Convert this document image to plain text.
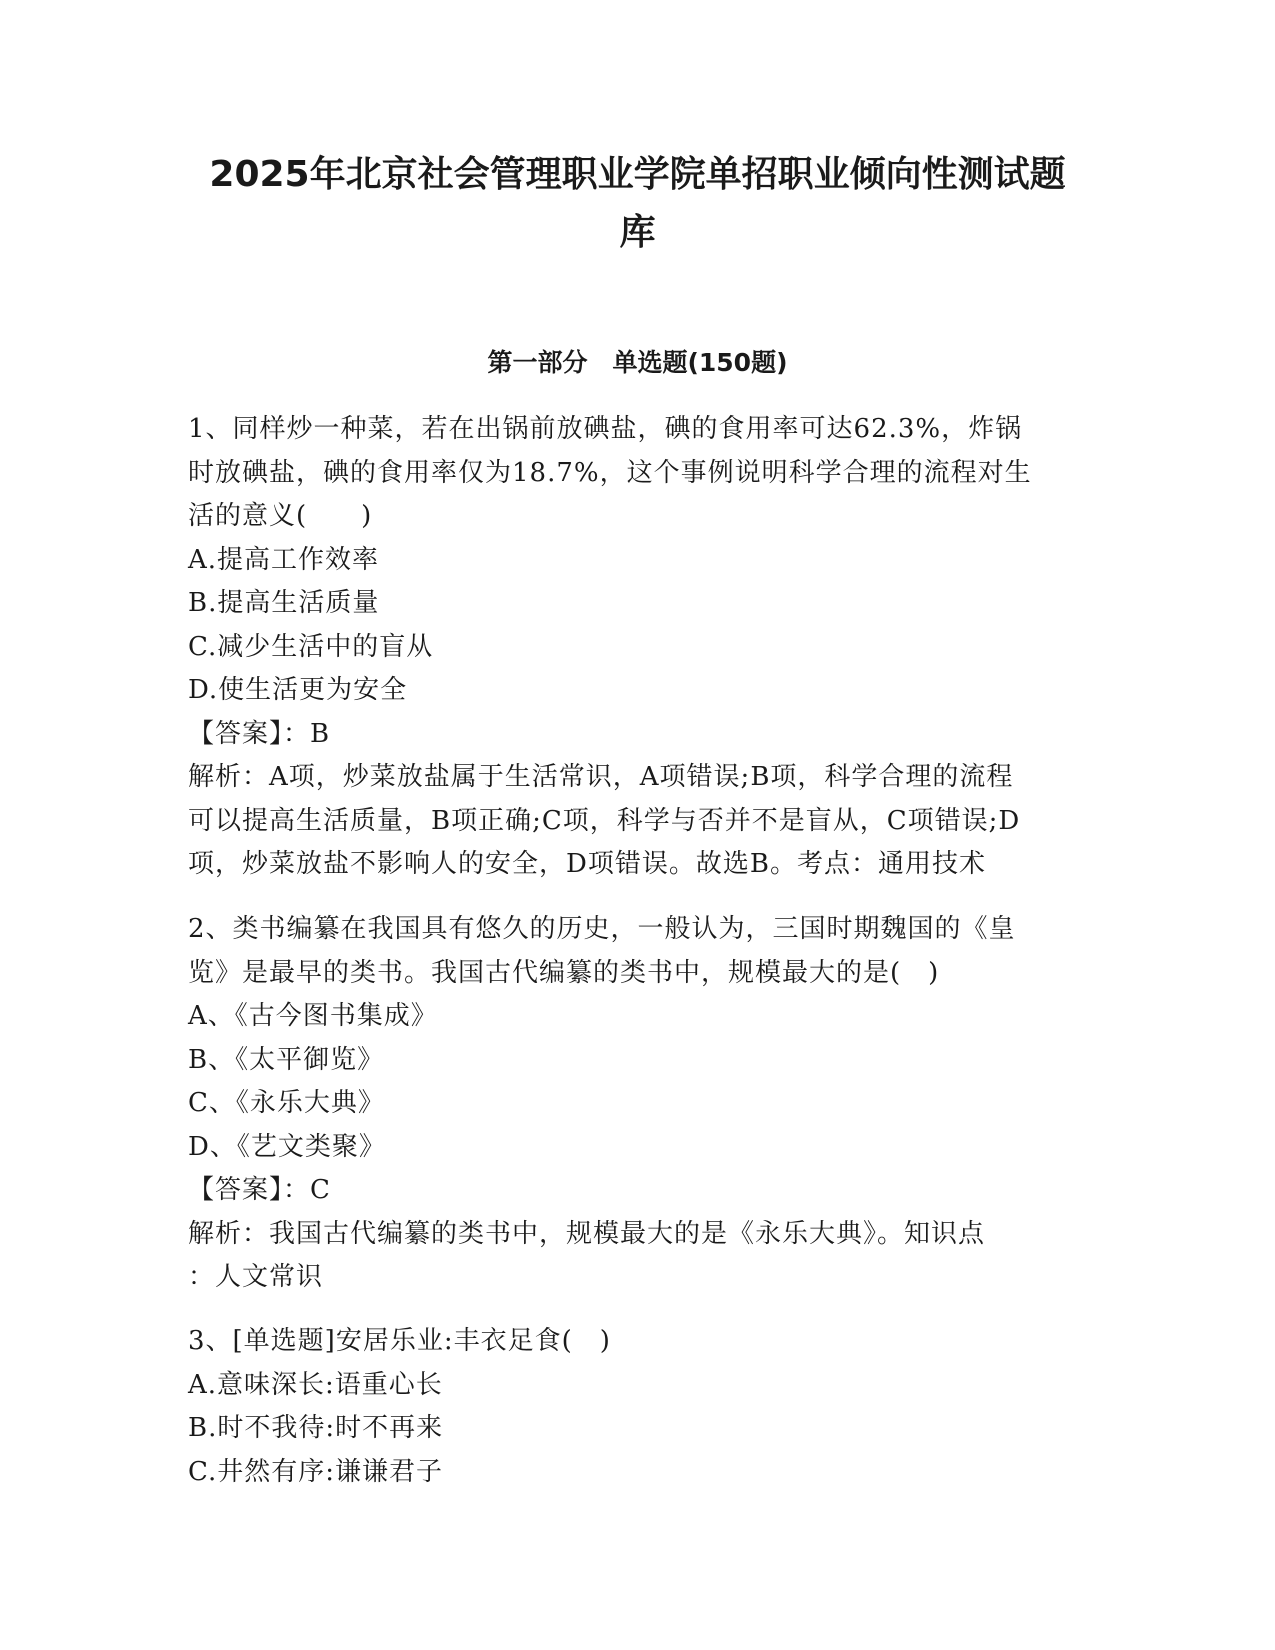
2025年北京社会管理职业学院单招职业倾向性测试题
库
第一部分　单选题(150题)

1、同样炒一种菜，若在出锅前放碘盐，碘的食用率可达62.3%，炸锅

时放碘盐，碘的食用率仅为18.7%，这个事例说明科学合理的流程对生

活的意义(　　)

A.提高工作效率

B.提高生活质量

C.减少生活中的盲从

D.使生活更为安全

【答案】：B

解析：A项，炒菜放盐属于生活常识，A项错误;B项，科学合理的流程

可以提高生活质量，B项正确;C项，科学与否并不是盲从，C项错误;D

项，炒菜放盐不影响人的安全，D项错误。故选B。考点：通用技术

2、类书编纂在我国具有悠久的历史，一般认为，三国时期魏国的《皇

览》是最早的类书。我国古代编纂的类书中，规模最大的是(　)

A、《古今图书集成》

B、《太平御览》

C、《永乐大典》

D、《艺文类聚》

【答案】：C

解析：我国古代编纂的类书中，规模最大的是《永乐大典》。知识点

：人文常识

3、[单选题]安居乐业:丰衣足食(　)

A.意味深长:语重心长

B.时不我待:时不再来

C.井然有序:谦谦君子
